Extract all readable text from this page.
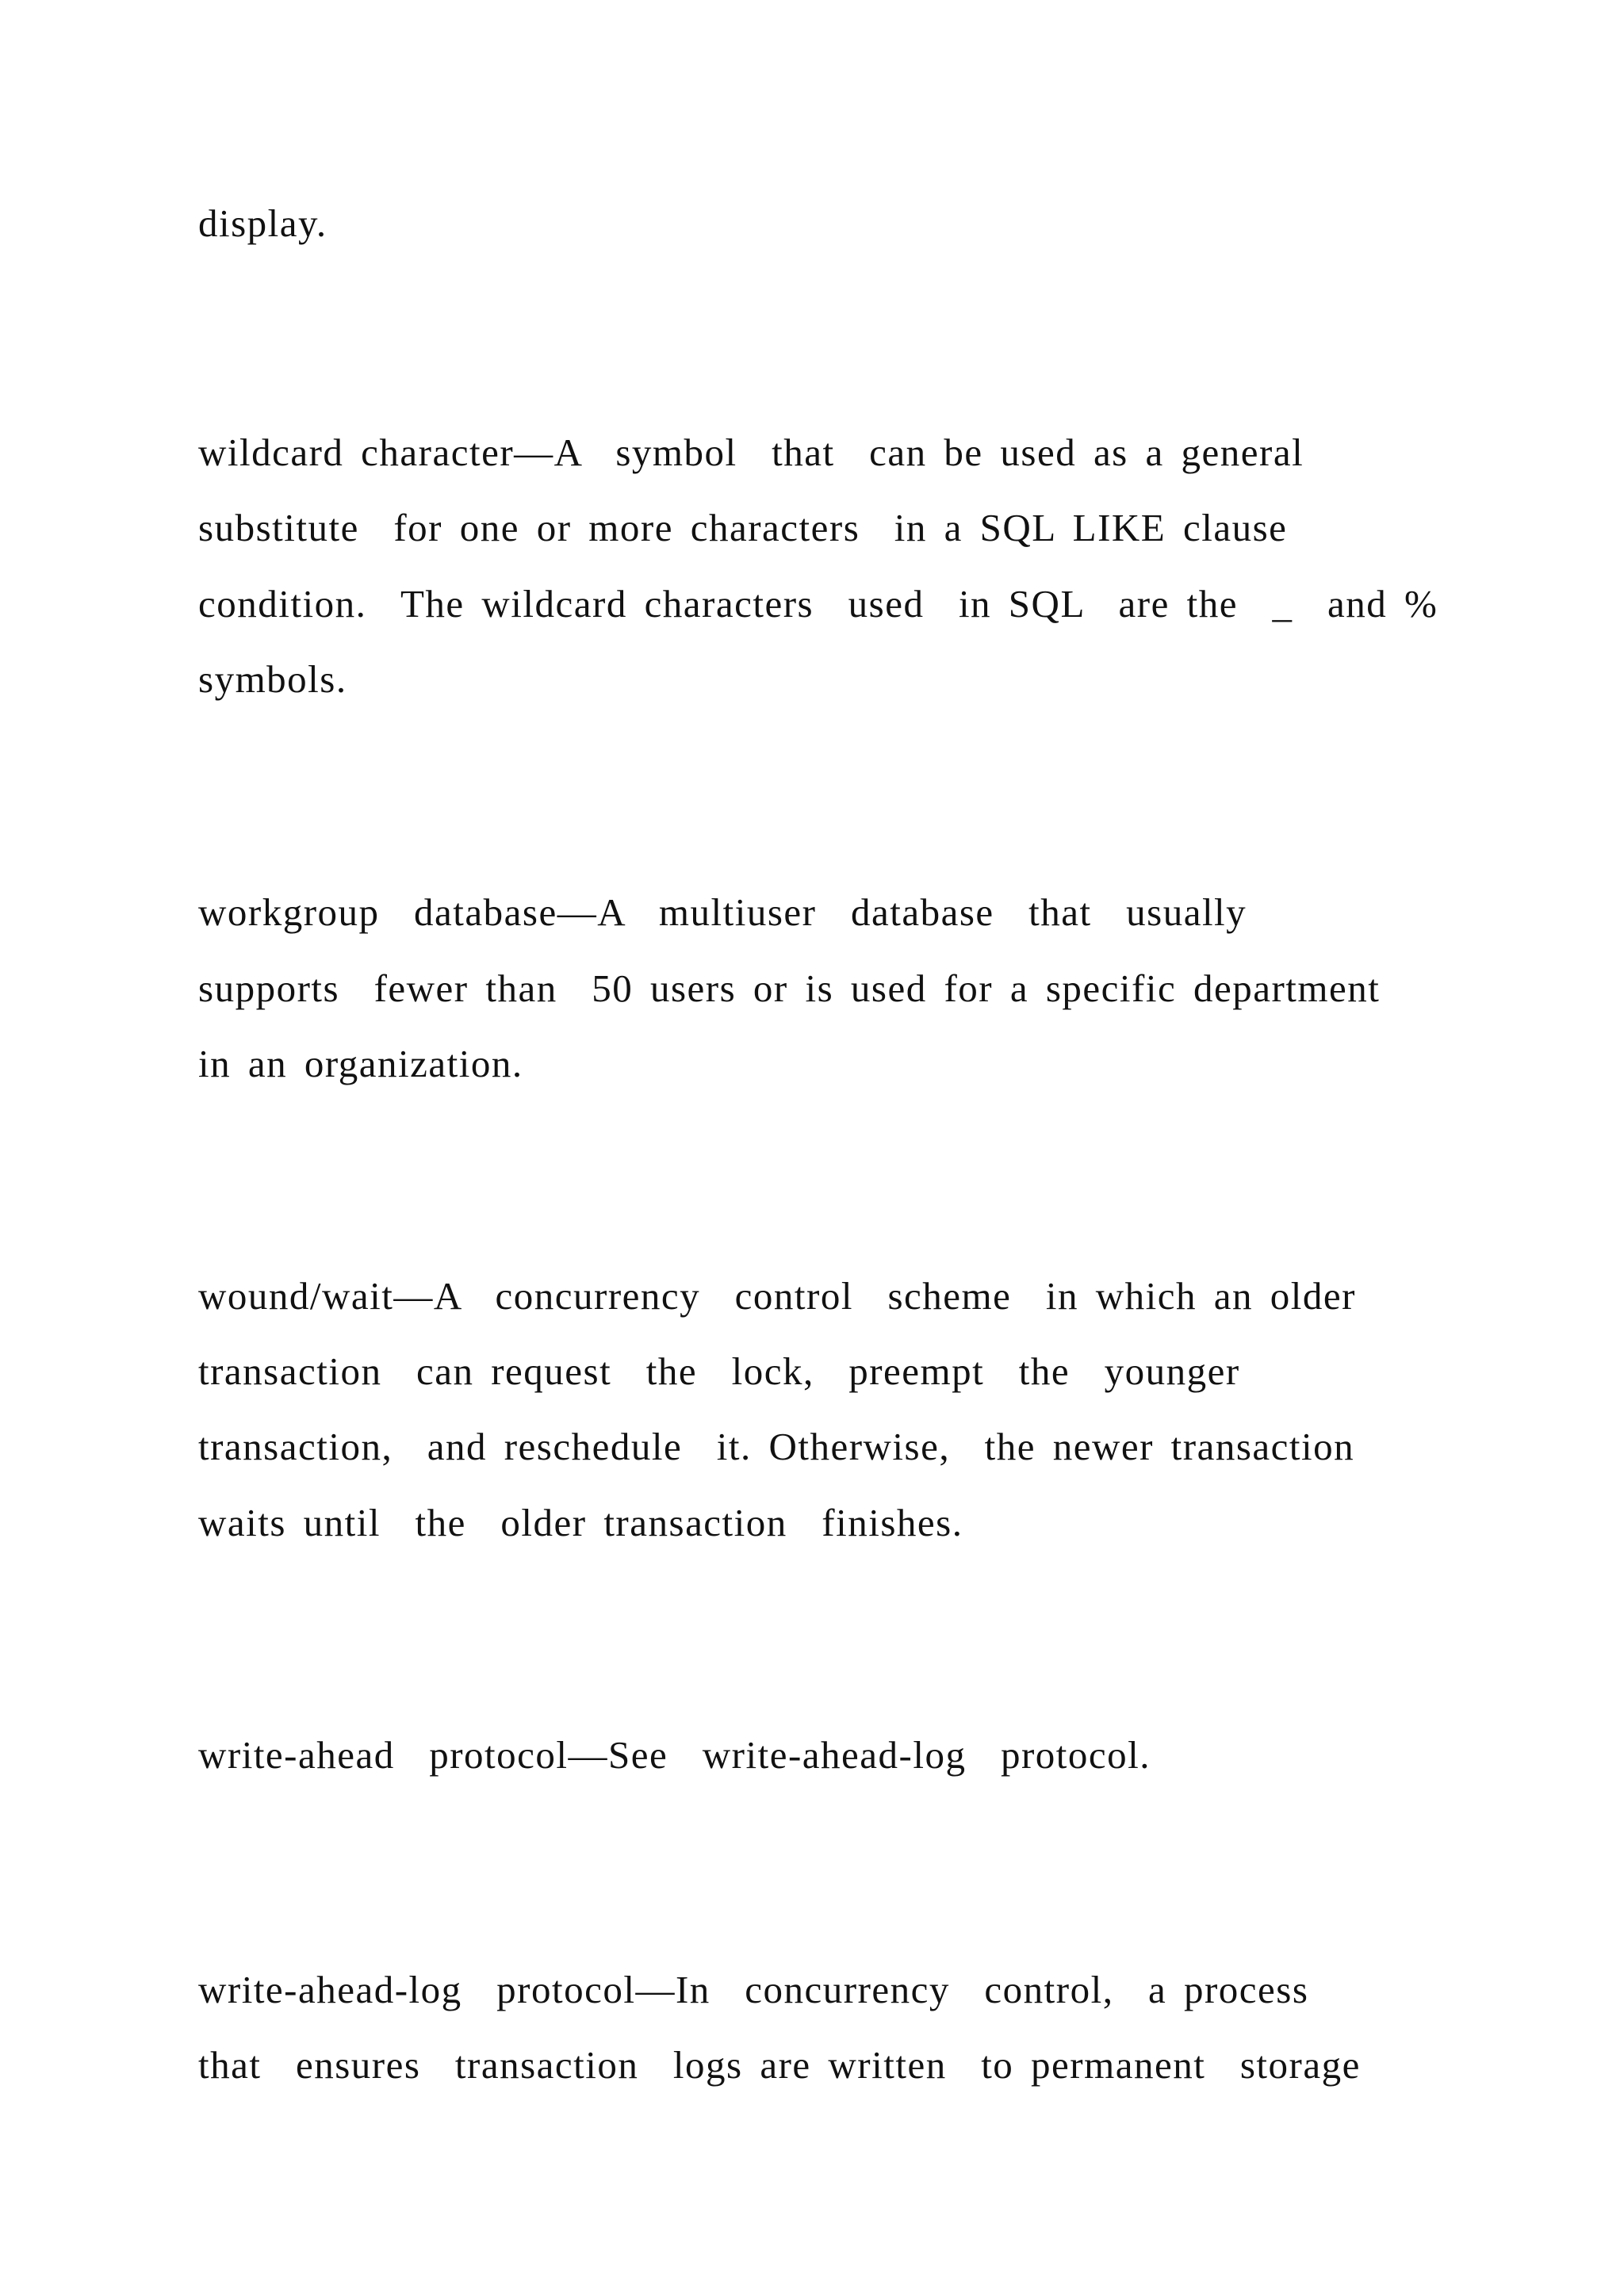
display.
wildcard character—A  symbol  that  can be used as a general
substitute  for one or more characters  in a SQL LIKE clause
condition.  The wildcard characters  used  in SQL  are the  _  and %
symbols.
workgroup  database—A  multiuser  database  that  usually
supports  fewer than  50 users or is used for a specific department
in an organization.
wound/wait—A  concurrency  control  scheme  in which an older
transaction  can request  the  lock,  preempt  the  younger
transaction,  and reschedule  it. Otherwise,  the newer transaction
waits until  the  older transaction  finishes.
write-ahead  protocol—See  write-ahead-log  protocol.
write-ahead-log  protocol—In  concurrency  control,  a process
that  ensures  transaction  logs are written  to permanent  storage
